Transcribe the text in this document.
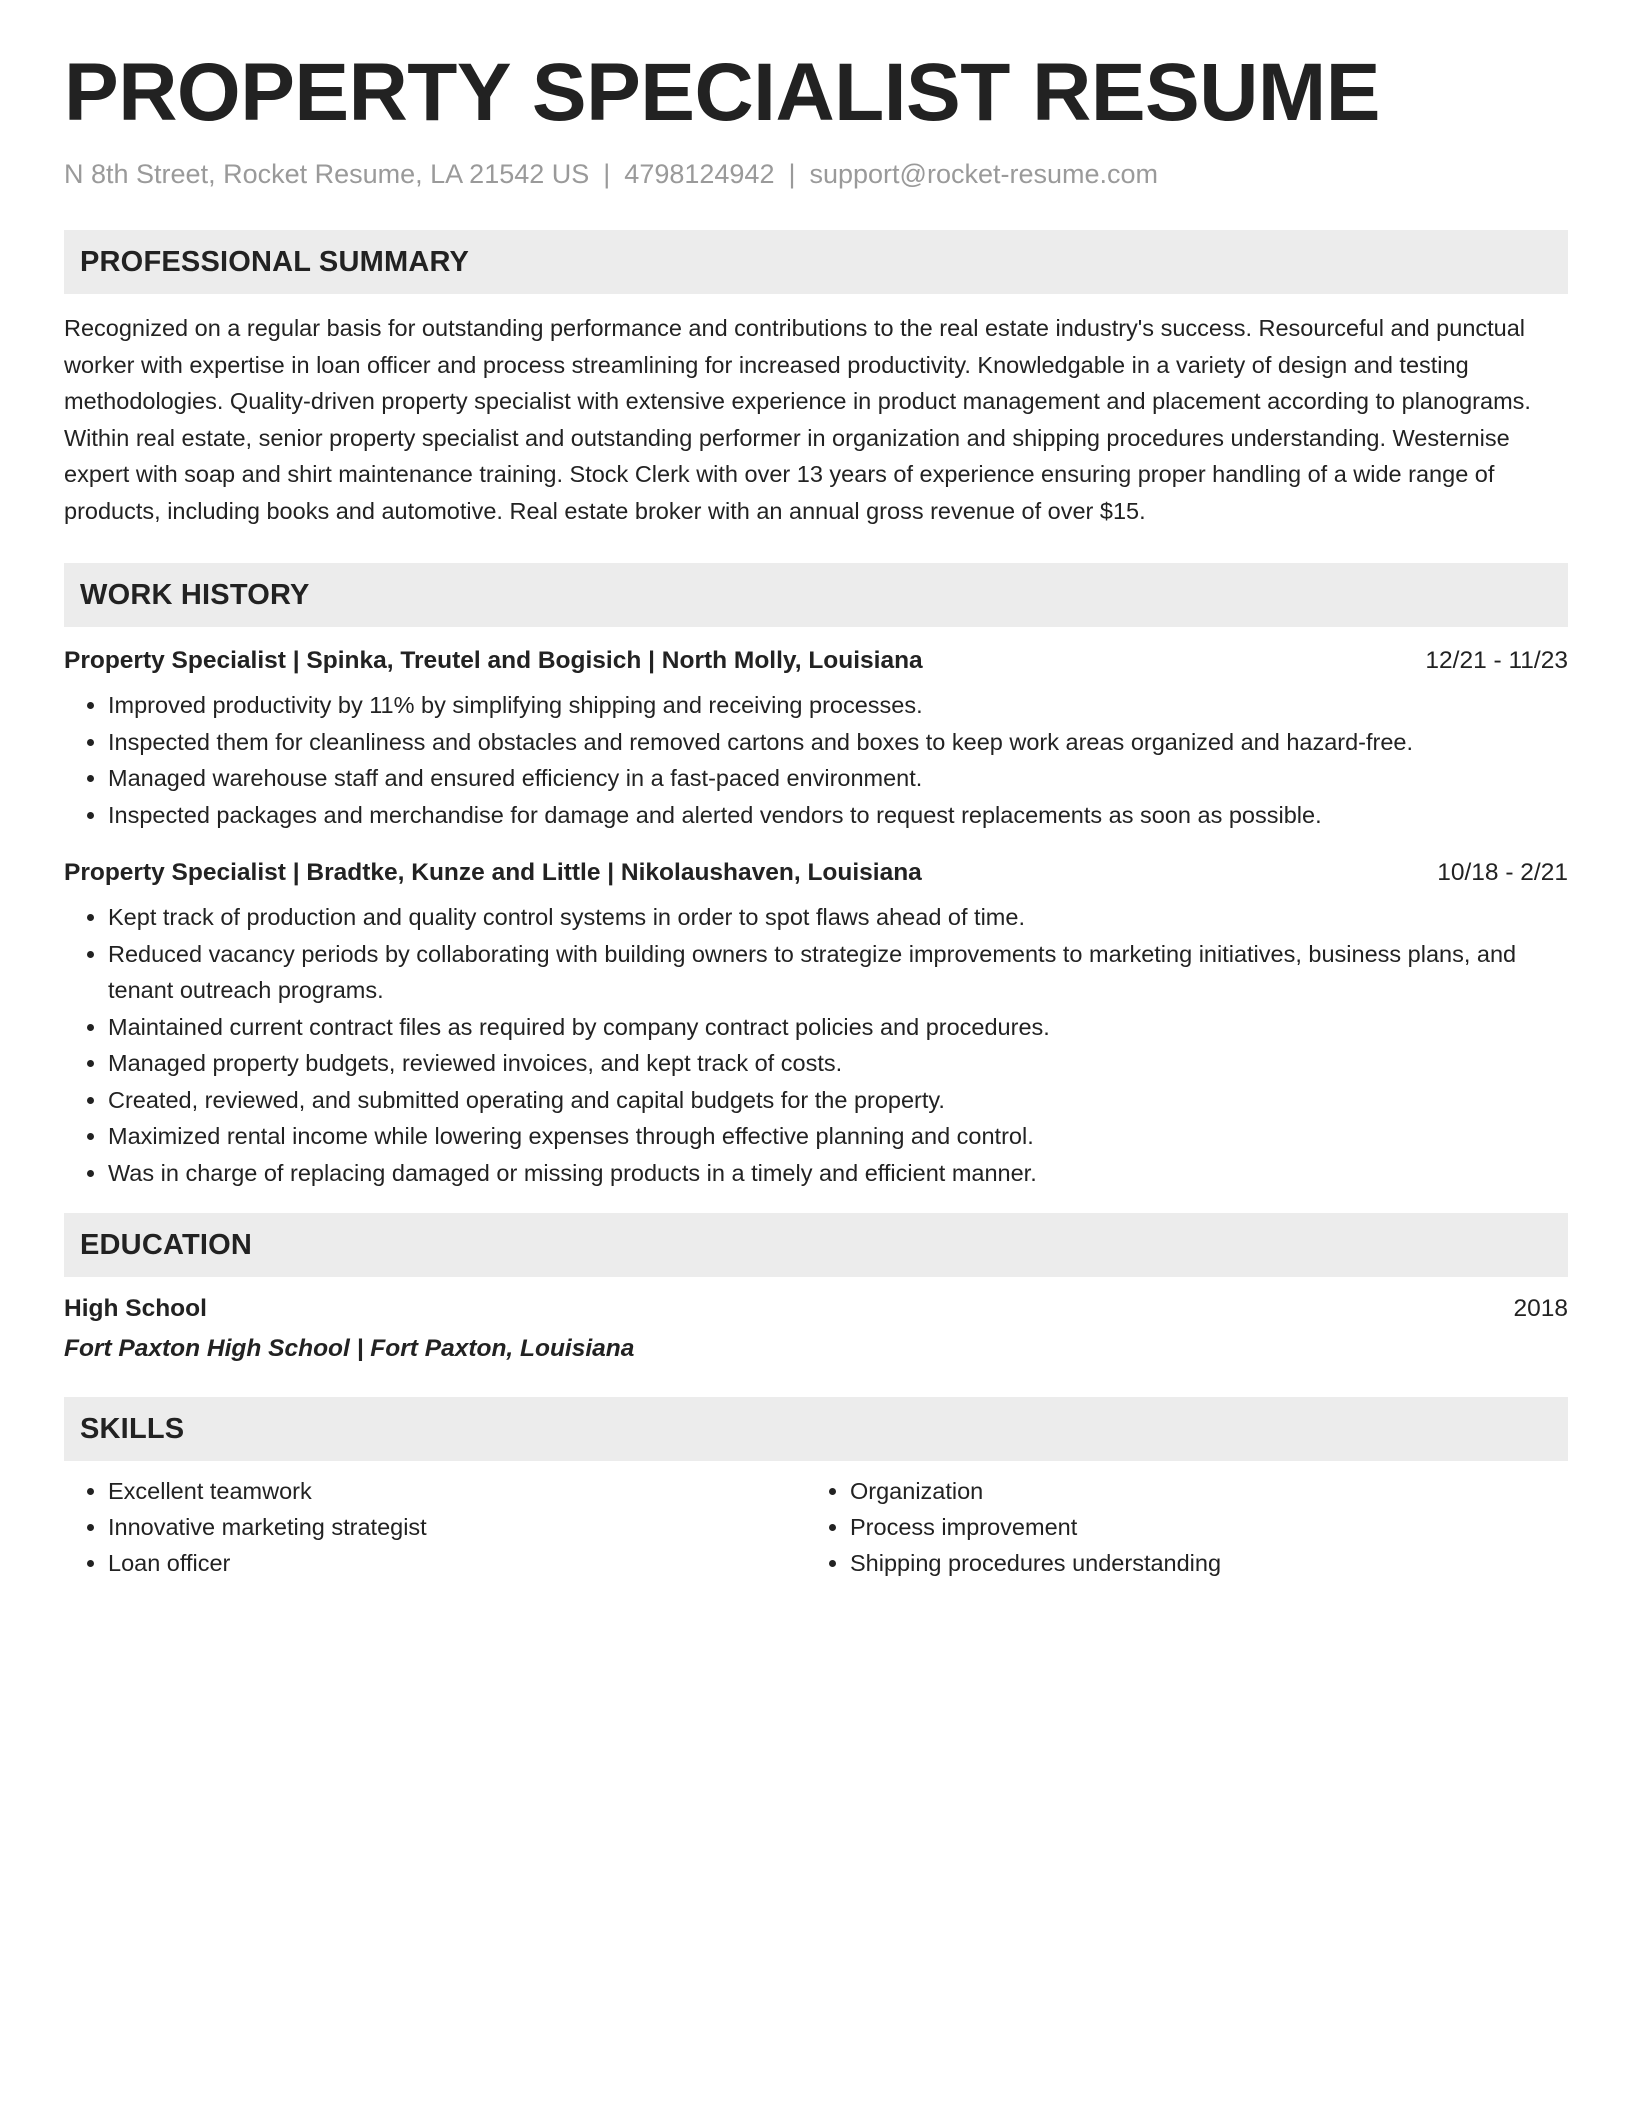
PROPERTY SPECIALIST RESUME
N 8th Street, Rocket Resume, LA 21542 US | 4798124942 | support@rocket-resume.com
PROFESSIONAL SUMMARY

Recognized on a regular basis for outstanding performance and contributions to the real estate industry's success. Resourceful and punctual worker with expertise in loan officer and process streamlining for increased productivity. Knowledgable in a variety of design and testing methodologies. Quality-driven property specialist with extensive experience in product management and placement according to planograms. Within real estate, senior property specialist and outstanding performer in organization and shipping procedures understanding. Westernise expert with soap and shirt maintenance training. Stock Clerk with over 13 years of experience ensuring proper handling of a wide range of products, including books and automotive. Real estate broker with an annual gross revenue of over $15.

WORK HISTORY
Property Specialist | Spinka, Treutel and Bogisich | North Molly, Louisiana	12/21 - 11/23
• Improved productivity by 11% by simplifying shipping and receiving processes.
• Inspected them for cleanliness and obstacles and removed cartons and boxes to keep work areas organized and hazard-free.
• Managed warehouse staff and ensured efficiency in a fast-paced environment.
• Inspected packages and merchandise for damage and alerted vendors to request replacements as soon as possible.
Property Specialist | Bradtke, Kunze and Little | Nikolaushaven, Louisiana	10/18 - 2/21
• Kept track of production and quality control systems in order to spot flaws ahead of time.
• Reduced vacancy periods by collaborating with building owners to strategize improvements to marketing initiatives, business plans, and tenant outreach programs.
• Maintained current contract files as required by company contract policies and procedures.
• Managed property budgets, reviewed invoices, and kept track of costs.
• Created, reviewed, and submitted operating and capital budgets for the property.
• Maximized rental income while lowering expenses through effective planning and control.
• Was in charge of replacing damaged or missing products in a timely and efficient manner.
EDUCATION
High School	2018
Fort Paxton High School | Fort Paxton, Louisiana
SKILLS
• Excellent teamwork
• Innovative marketing strategist
• Loan officer
• Organization
• Process improvement
• Shipping procedures understanding
